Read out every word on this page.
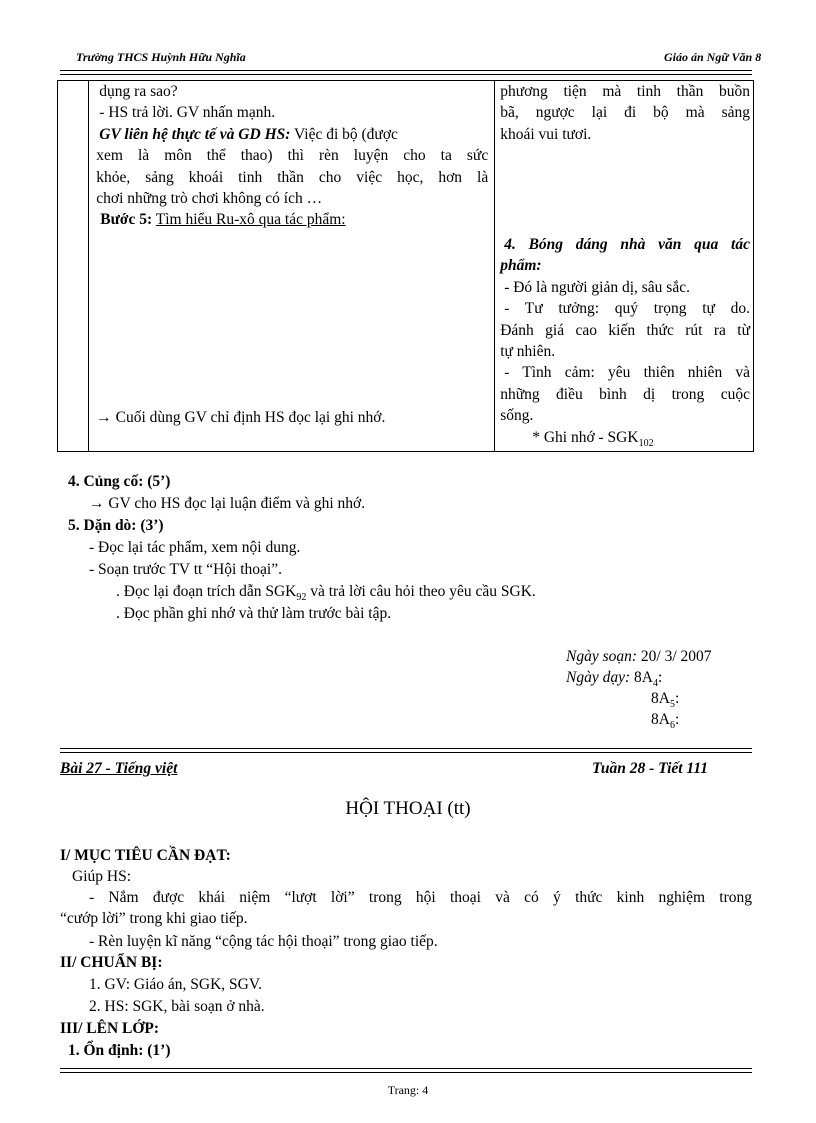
Trường THCS Huỳnh Hữu Nghĩa	Giáo án Ngữ Văn 8

dụng ra sao?
- HS trả lời. GV nhấn mạnh.
GV liên hệ thực tế và GD HS: Việc đi bộ (được
xem là môn thể thao) thì rèn luyện cho ta sức
khỏe, sảng khoái tinh thần cho việc học, hơn là
chơi những trò chơi không có ích …
Bước 5: Tìm hiểu Ru-xô qua tác phẩm:
→ Cuối dùng GV chỉ định HS đọc lại ghi nhớ.

phương tiện mà tinh thần buồn
bã, ngược lại đi bộ mà sảng
khoái vui tươi.
4. Bóng dáng nhà văn qua tác
phẩm:
- Đó là người giản dị, sâu sắc.
- Tư tưởng: quý trọng tự do.
Đánh giá cao kiến thức rút ra từ
tự nhiên.
- Tình cảm: yêu thiên nhiên và
những điều bình dị trong cuộc
sống.
* Ghi nhớ - $SGK_{102}$
4. Củng cố: (5’)
→ GV cho HS đọc lại luận điểm và ghi nhớ.
5. Dặn dò: (3’)
- Đọc lại tác phẩm, xem nội dung.
- Soạn trước TV tt “Hội thoại”.
. Đọc lại đoạn trích dẫn $SGK_{92}$ và trả lời câu hỏi theo yêu cầu SGK.
. Đọc phần ghi nhớ và thử làm trước bài tập.
Ngày soạn: 20/ 3/ 2007
Ngày dạy: $8A_4$:
$8A_5$:
$8A_6$:
Bài 27 - Tiếng việt	Tuần 28 - Tiết 111
HỘI THOẠI (tt)
I/ MỤC TIÊU CẦN ĐẠT:
Giúp HS:
- Nắm được khái niệm “lượt lời” trong hội thoại và có ý thức kinh nghiệm trong
“cướp lời” trong khi giao tiếp.
- Rèn luyện kĩ năng “cộng tác hội thoại” trong giao tiếp.
II/ CHUẨN BỊ:
1. GV: Giáo án, SGK, SGV.
2. HS: SGK, bài soạn ở nhà.
III/ LÊN LỚP:
1. Ổn định: (1’)
Trang: 4
